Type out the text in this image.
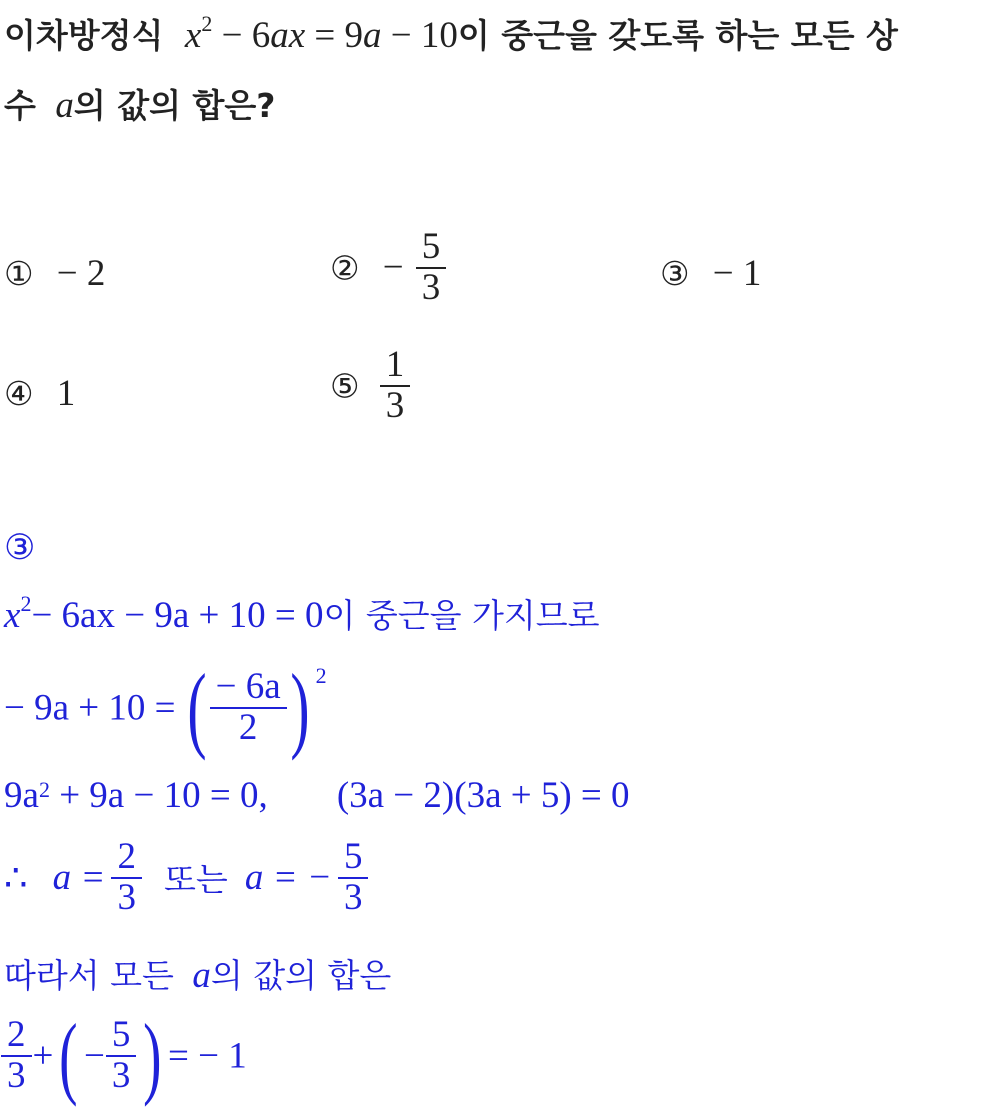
이차방정식 $x^2 - 6ax = 9a - 10$이 중근을 갖도록 하는 모든 상
수 a의 값의 합은?
① − 2	② − $\frac{5}{3}$	③ − 1
④ 1	⑤ $\frac{1}{3}$
③
$x^2- 6ax - 9a + 10 = 0$이 중근을 가지므로
− 9a + 10 = ( $\frac{- 6a}{2}$ ) 2
$9a^2 + 9a - 10 = 0$, (3a − 2)(3a + 5) = 0
∴ $a = \frac{2}{3}$ 또는 a = − $\frac{5}{3}$
따라서 모든 a의 값의 합은
$\frac{2}{3}$ +( − $\frac{5}{3}$ ) = − 1
